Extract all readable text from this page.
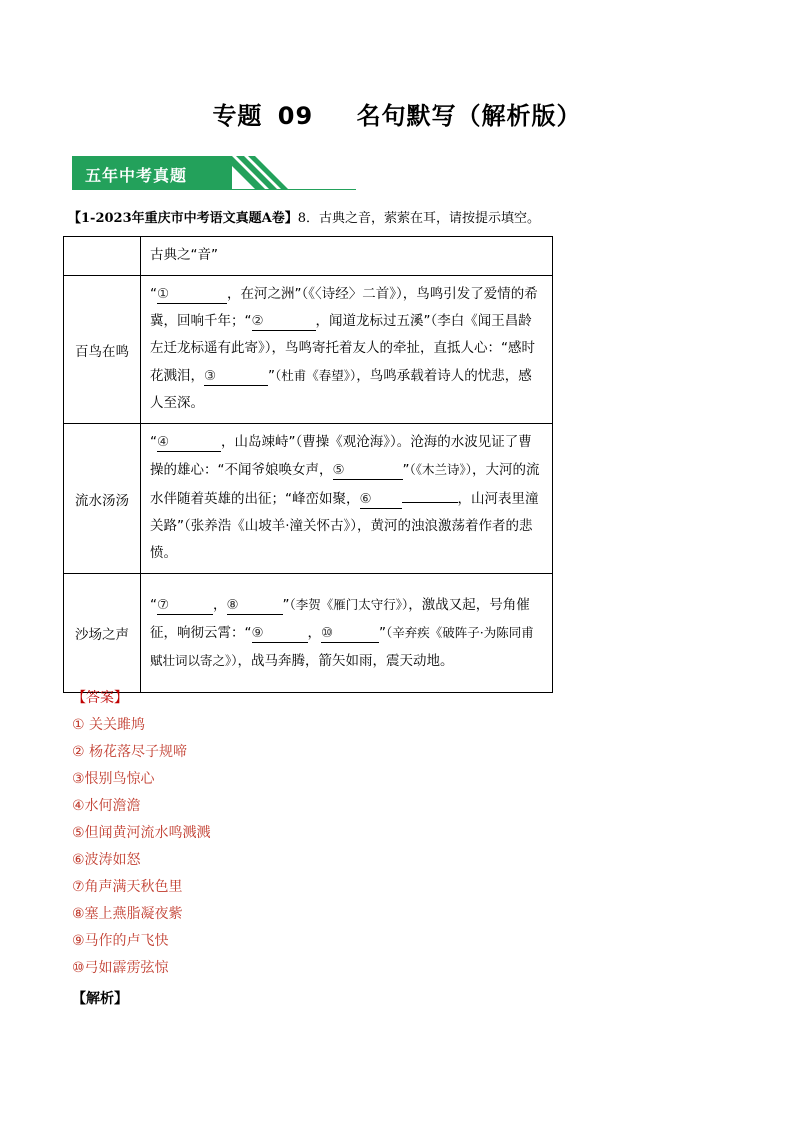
专题 09 名句默写（解析版）
五年中考真题
【1-2023年重庆市中考语文真题A卷】8．古典之音，萦萦在耳，请按提示填空。
	古典之“音”
百鸟在鸣	“① ，在河之洲”（《〈诗经〉二首》），鸟鸣引发了爱情的希冀，回响千年；“② ，闻道龙标过五溪”（李白《闻王昌龄左迁龙标遥有此寄》），鸟鸣寄托着友人的牵扯，直抵人心：“感时花溅泪，③ ”（杜甫《春望》），鸟鸣承载着诗人的忧悲，感人至深。
流水汤汤	“④ ，山岛竦峙”（曹操《观沧海》）。沧海的水波见证了曹操的雄心：“不闻爷娘唤女声，⑤ ”（《木兰诗》），大河的流水伴随着英雄的出征；“峰峦如聚，⑥ ，山河表里潼关路”（张养浩《山坡羊·潼关怀古》），黄河的浊浪激荡着作者的悲愤。
沙场之声	“⑦ ，⑧ ”（李贺《雁门太守行》），激战又起，号角催征，响彻云霄：“⑨ ，⑩ ”（辛弃疾《破阵子·为陈同甫赋壮词以寄之》），战马奔腾，箭矢如雨，震天动地。
【答案】
① 关关雎鸠
② 杨花落尽子规啼
③恨别鸟惊心
④水何澹澹
⑤但闻黄河流水鸣溅溅
⑥波涛如怒
⑦角声满天秋色里
⑧塞上燕脂凝夜紫
⑨马作的卢飞快
⑩弓如霹雳弦惊
【解析】
